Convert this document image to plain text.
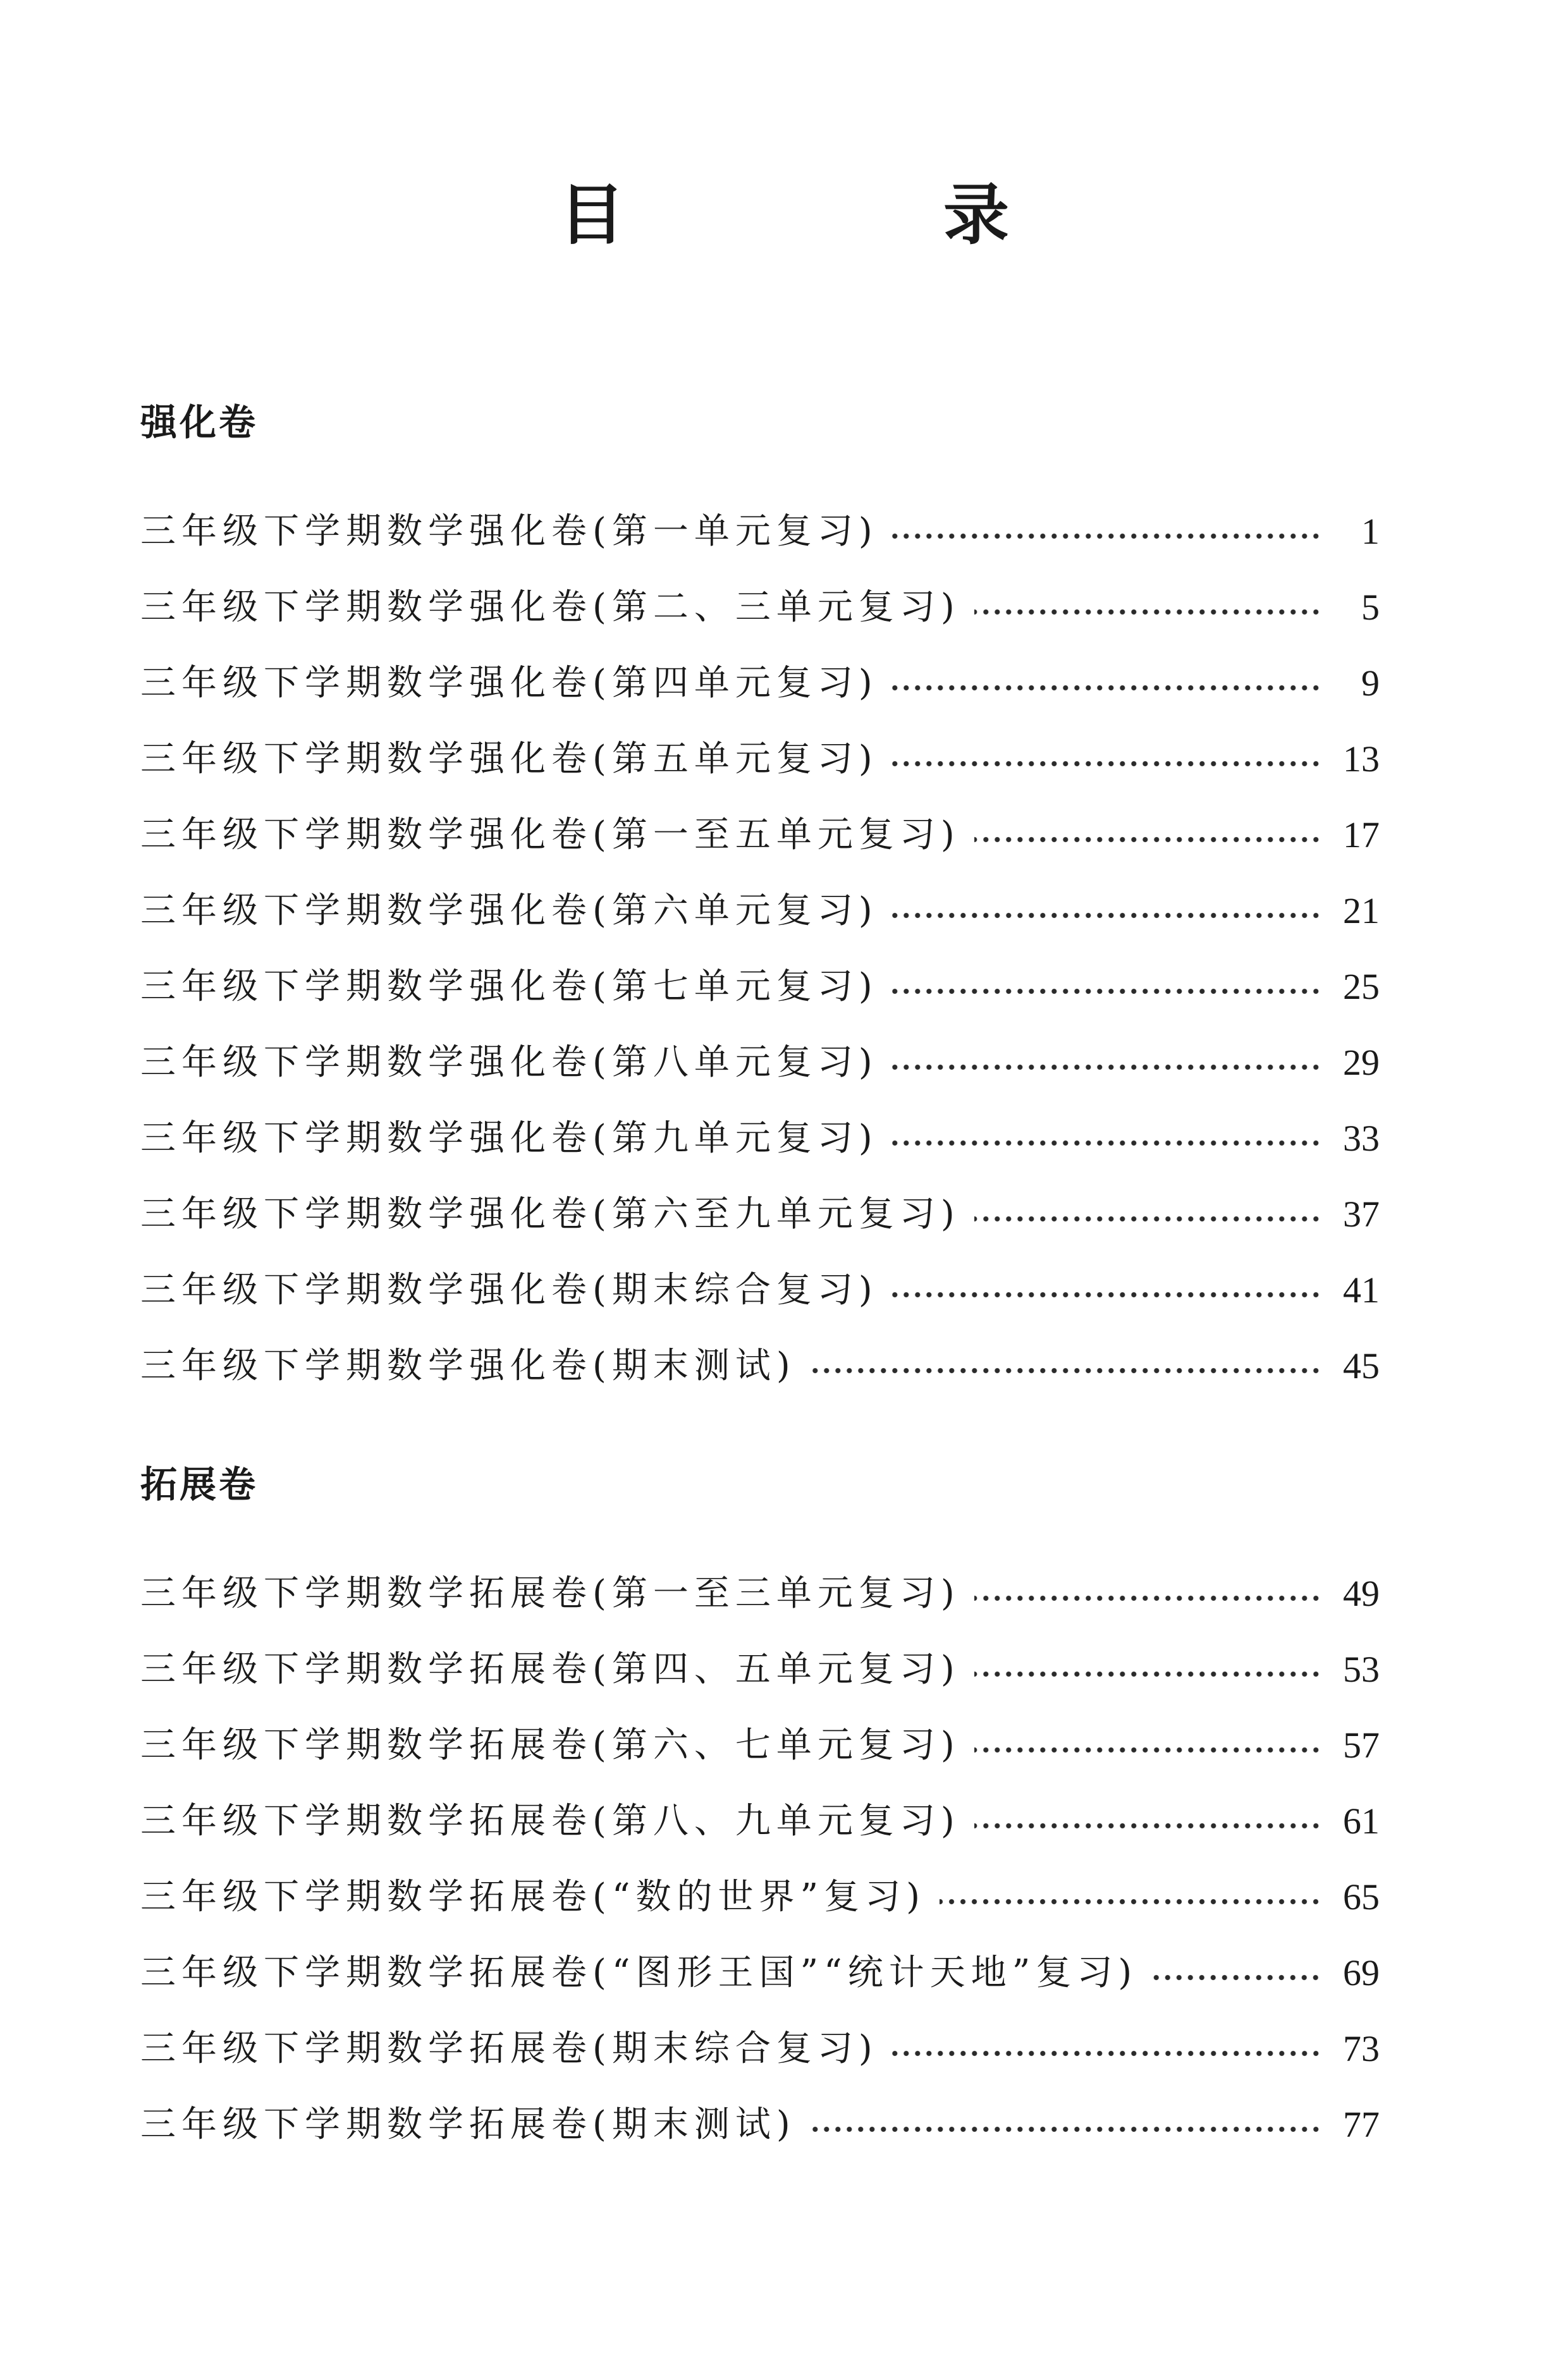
目　录
强化卷
三年级下学期数学强化卷(第一单元复习)	1
三年级下学期数学强化卷(第二、三单元复习)	5
三年级下学期数学强化卷(第四单元复习)	9
三年级下学期数学强化卷(第五单元复习)	13
三年级下学期数学强化卷(第一至五单元复习)	17
三年级下学期数学强化卷(第六单元复习)	21
三年级下学期数学强化卷(第七单元复习)	25
三年级下学期数学强化卷(第八单元复习)	29
三年级下学期数学强化卷(第九单元复习)	33
三年级下学期数学强化卷(第六至九单元复习)	37
三年级下学期数学强化卷(期末综合复习)	41
三年级下学期数学强化卷(期末测试)	45
拓展卷
三年级下学期数学拓展卷(第一至三单元复习)	49
三年级下学期数学拓展卷(第四、五单元复习)	53
三年级下学期数学拓展卷(第六、七单元复习)	57
三年级下学期数学拓展卷(第八、九单元复习)	61
三年级下学期数学拓展卷(“数的世界”复习)	65
三年级下学期数学拓展卷(“图形王国”“统计天地”复习)	69
三年级下学期数学拓展卷(期末综合复习)	73
三年级下学期数学拓展卷(期末测试)	77
